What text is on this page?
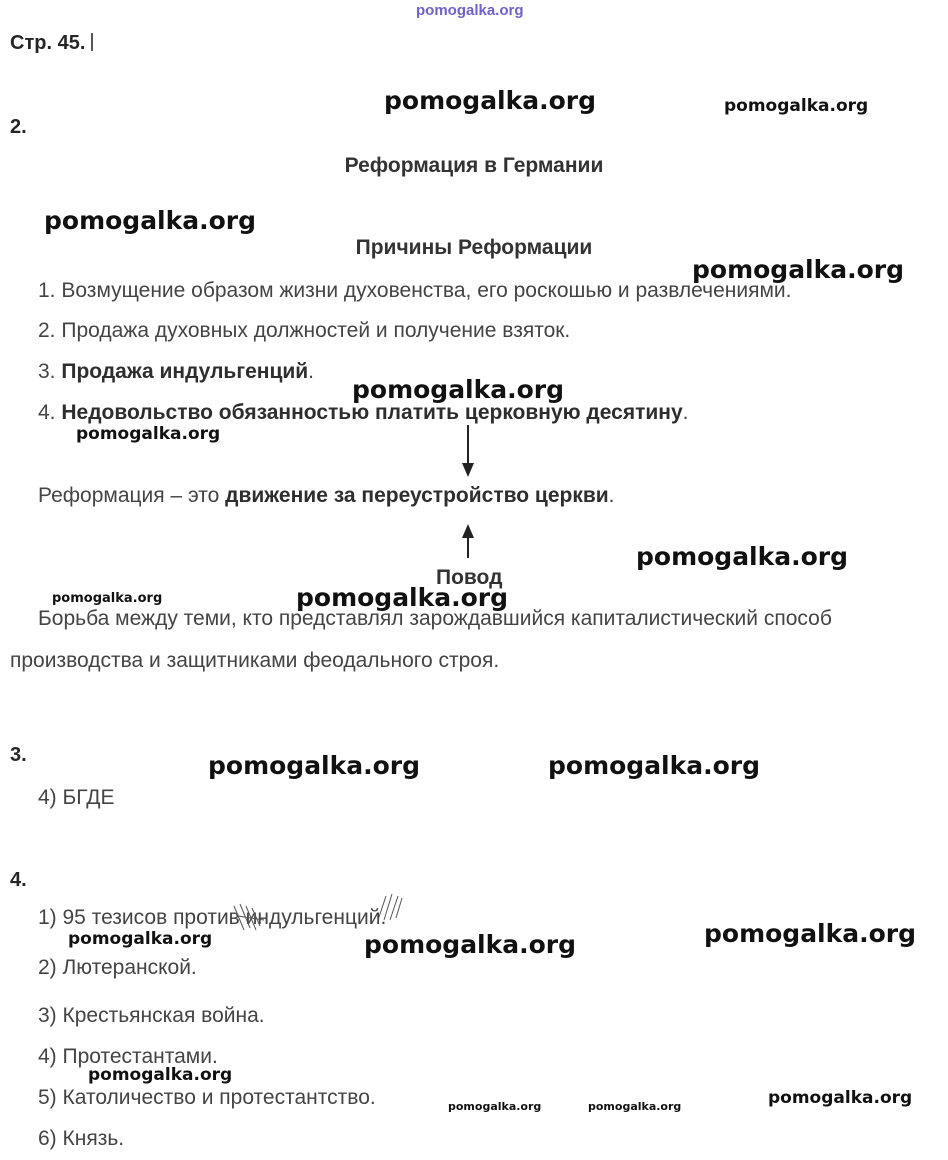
pomogalka.org
Стр. 45.
2.
Реформация в Германии
Причины Реформации
1. Возмущение образом жизни духовенства, его роскошью и развлечениями.
2. Продажа духовных должностей и получение взяток.
3. Продажа индульгенций.
4. Недовольство обязанностью платить церковную десятину.
Реформация – это движение за переустройство церкви.
Повод
Борьба между теми, кто представлял зарождавшийся капиталистический способ
производства и защитниками феодального строя.
3.
4) БГДЕ
4.
1) 95 тезисов против индульгенций.
2) Лютеранской.
3) Крестьянская война.
4) Протестантами.
5) Католичество и протестантство.
6) Князь.
pomogalka.org	pomogalka.org
pomogalka.org
pomogalka.org
pomogalka.org
pomogalka.org
pomogalka.org
pomogalka.org	pomogalka.org
pomogalka.org	pomogalka.org
pomogalka.org	pomogalka.org	pomogalka.org
pomogalka.org
pomogalka.org	pomogalka.org	pomogalka.org
